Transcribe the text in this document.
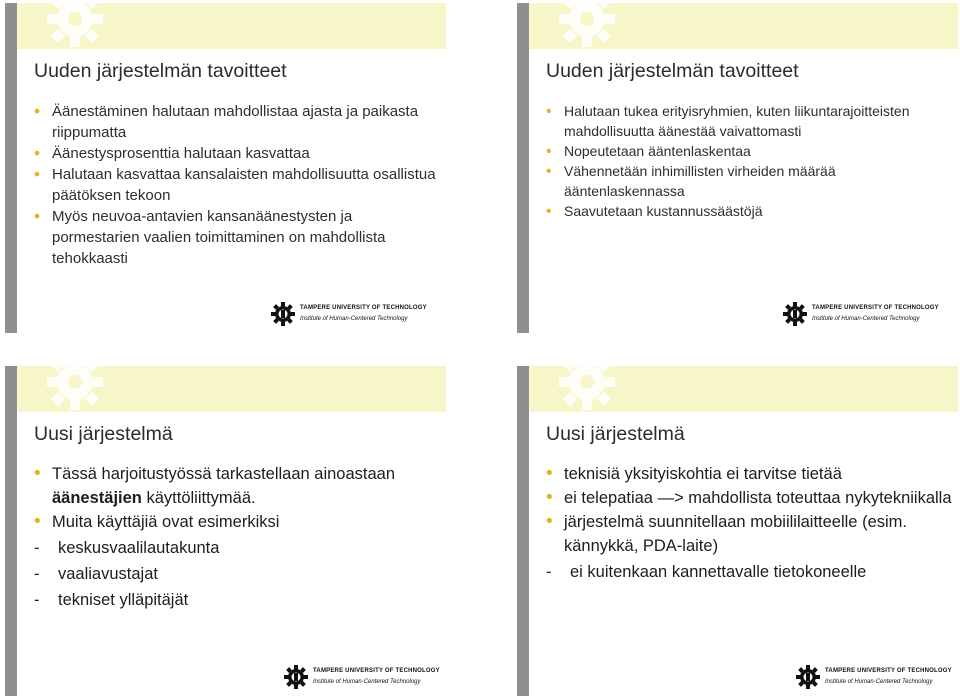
Uuden järjestelmän tavoitteet
• Äänestäminen halutaan mahdollistaa ajasta ja paikasta riippumatta
• Äänestysprosenttia halutaan kasvattaa
• Halutaan kasvattaa kansalaisten mahdollisuutta osallistua päätöksen tekoon
• Myös neuvoa-antavien kansanäänestysten ja pormestarien vaalien toimittaminen on mahdollista tehokkaasti
TAMPERE UNIVERSITY OF TECHNOLOGY
Institute of Human-Centered Technology
Uuden järjestelmän tavoitteet
• Halutaan tukea erityisryhmien, kuten liikuntarajoitteisten mahdollisuutta äänestää vaivattomasti
• Nopeutetaan ääntenlaskentaa
• Vähennetään inhimillisten virheiden määrää ääntenlaskennassa
• Saavutetaan kustannussäästöjä
TAMPERE UNIVERSITY OF TECHNOLOGY
Institute of Human-Centered Technology
Uusi järjestelmä
• Tässä harjoitustyössä tarkastellaan ainoastaan äänestäjien käyttöliittymää.
• Muita käyttäjiä ovat esimerkiksi
- keskusvaalilautakunta
- vaaliavustajat
- tekniset ylläpitäjät
Uusi järjestelmä
• teknisiä yksityiskohtia ei tarvitse tietää
• ei telepatiaa —> mahdollista toteuttaa nykytekniikalla
• järjestelmä suunnitellaan mobiililaitteelle (esim. kännykkä, PDA-laite)
- ei kuitenkaan kannettavalle tietokoneelle
TAMPERE UNIVERSITY OF TECHNOLOGY
Institute of Human-Centered Technology
TAMPERE UNIVERSITY OF TECHNOLOGY
Institute of Human-Centered Technology
